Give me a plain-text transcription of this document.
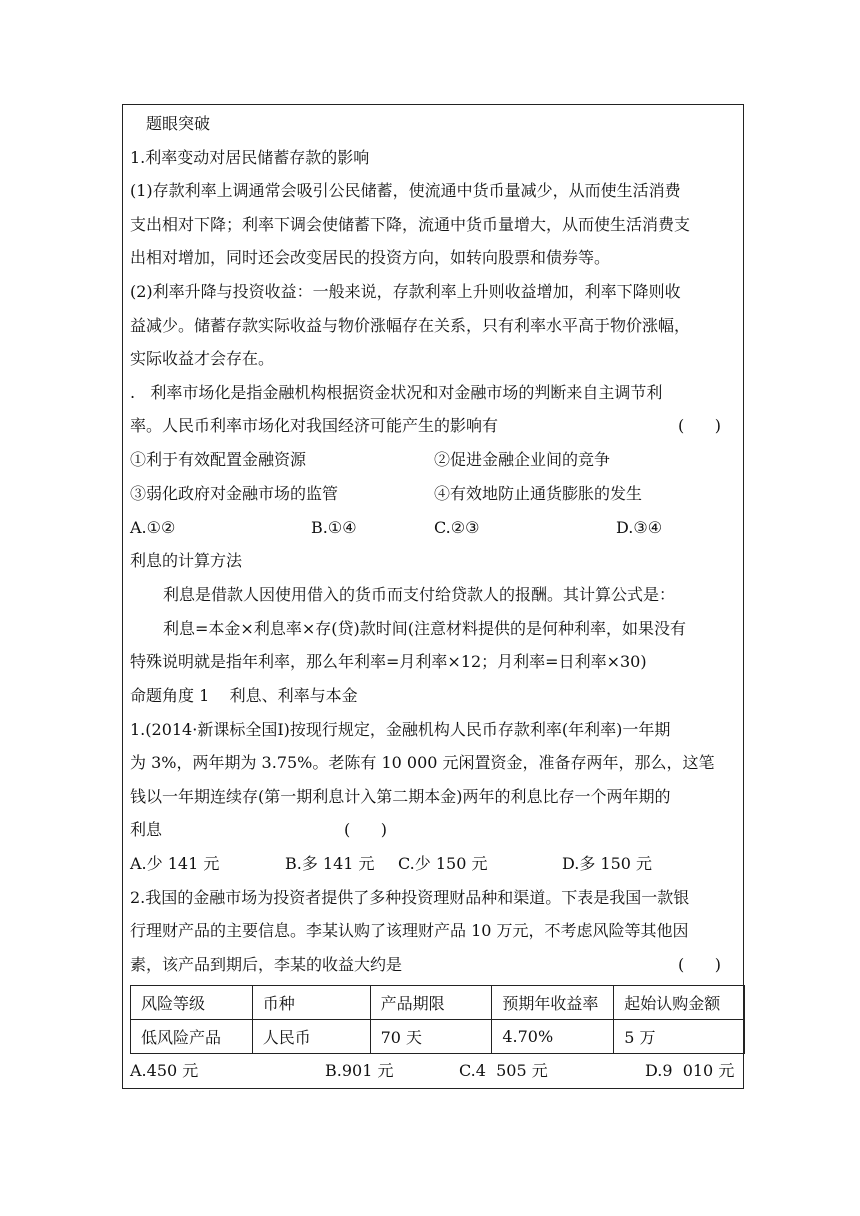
题眼突破
1.利率变动对居民储蓄存款的影响
(1)存款利率上调通常会吸引公民储蓄，使流通中货币量减少，从而使生活消费
支出相对下降；利率下调会使储蓄下降，流通中货币量增大，从而使生活消费支
出相对增加，同时还会改变居民的投资方向，如转向股票和债券等。
(2)利率升降与投资收益：一般来说，存款利率上升则收益增加，利率下降则收
益减少。储蓄存款实际收益与物价涨幅存在关系，只有利率水平高于物价涨幅，
实际收益才会存在。
.   利率市场化是指金融机构根据资金状况和对金融市场的判断来自主调节利
率。人民币利率市场化对我国经济可能产生的影响有	(      )
①利于有效配置金融资源	②促进金融企业间的竞争
③弱化政府对金融市场的监管	④有效地防止通货膨胀的发生
A.①②	B.①④	C.②③	D.③④
利息的计算方法
利息是借款人因使用借入的货币而支付给贷款人的报酬。其计算公式是：
利息=本金×利息率×存(贷)款时间(注意材料提供的是何种利率，如果没有
特殊说明就是指年利率，那么年利率=月利率×12；月利率=日利率×30)
命题角度 1    利息、利率与本金
1.(2014·新课标全国Ⅰ)按现行规定，金融机构人民币存款利率(年利率)一年期
为 3%，两年期为 3.75%。老陈有 10 000 元闲置资金，准备存两年，那么，这笔
钱以一年期连续存(第一期利息计入第二期本金)两年的利息比存一个两年期的
利息	(      )
A.少 141 元	B.多 141 元 C.少 150 元	D.多 150 元
2.我国的金融市场为投资者提供了多种投资理财品种和渠道。下表是我国一款银
行理财产品的主要信息。李某认购了该理财产品 10 万元，不考虑风险等其他因
素，该产品到期后，李某的收益大约是	(      )
风险等级	币种	产品期限	预期年收益率	起始认购金额
低风险产品	人民币	70 天	4.70%	5 万
A.450 元	B.901 元	C.4  505 元	D.9  010 元
